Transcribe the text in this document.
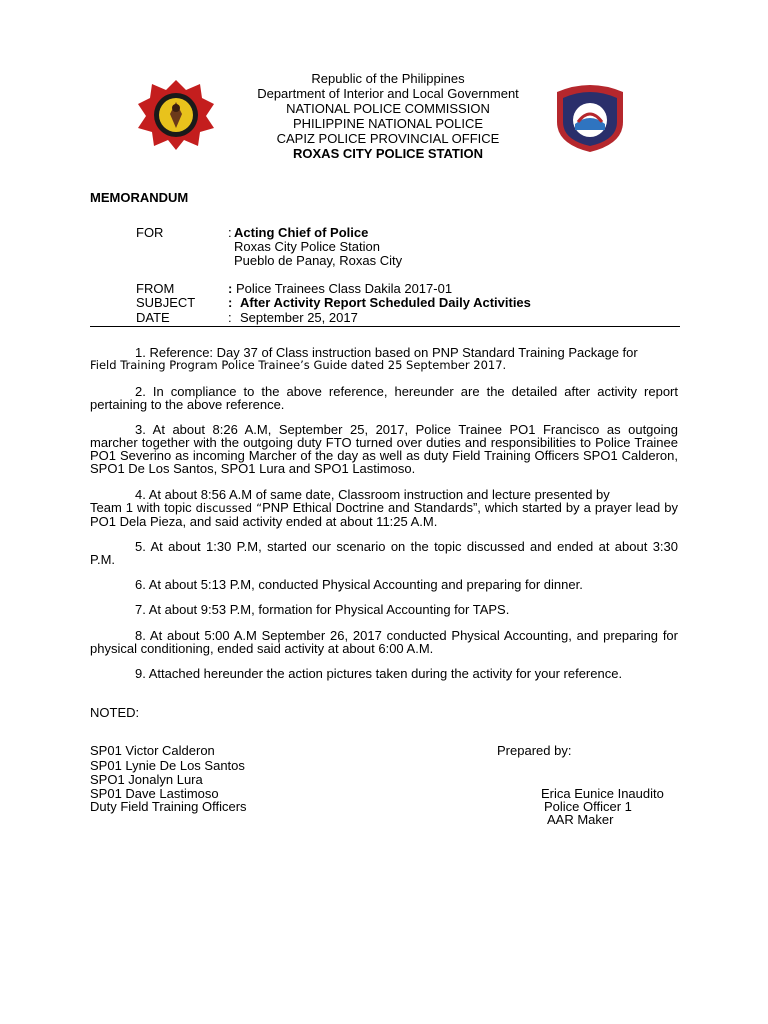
Republic of the Philippines
Department of Interior and Local Government
NATIONAL POLICE COMMISSION
PHILIPPINE NATIONAL POLICE
CAPIZ POLICE PROVINCIAL OFFICE
ROXAS CITY POLICE STATION
MEMORANDUM
FOR	: Acting Chief of Police
Roxas City Police Station
Pueblo de Panay, Roxas City
FROM	: Police Trainees Class Dakila 2017-01
SUBJECT	: After Activity Report Scheduled Daily Activities
DATE	: September 25, 2017
1. Reference: Day 37 of Class instruction based on PNP Standard Training Package for
Field Training Program Police Trainee’s Guide dated 25 September 2017.
2. In compliance to the above reference, hereunder are the detailed after activity report pertaining to the above reference.
3. At about 8:26 A.M, September 25, 2017, Police Trainee PO1 Francisco as outgoing marcher together with the outgoing duty FTO turned over duties and responsibilities to Police Trainee PO1 Severino as incoming Marcher of the day as well as duty Field Training Officers SPO1 Calderon, SPO1 De Los Santos, SPO1 Lura and SPO1 Lastimoso.
4. At about 8:56 A.M of same date, Classroom instruction and lecture presented by
Team 1 with topic discussed “PNP Ethical Doctrine and Standards”, which started by a prayer lead by PO1 Dela Pieza, and said activity ended at about 11:25 A.M.
5. At about 1:30 P.M, started our scenario on the topic discussed and ended at about 3:30 P.M.
6. At about 5:13 P.M, conducted Physical Accounting and preparing for dinner.
7. At about 9:53 P.M, formation for Physical Accounting for TAPS.
8. At about 5:00 A.M September 26, 2017 conducted Physical Accounting, and preparing for physical conditioning, ended said activity at about 6:00 A.M.
9. Attached hereunder the action pictures taken during the activity for your reference.
NOTED:
SP01 Victor Calderon
SP01 Lynie De Los Santos
SPO1 Jonalyn Lura
SP01 Dave Lastimoso
Duty Field Training Officers
Prepared by:
Erica Eunice Inaudito
Police Officer 1
AAR Maker
